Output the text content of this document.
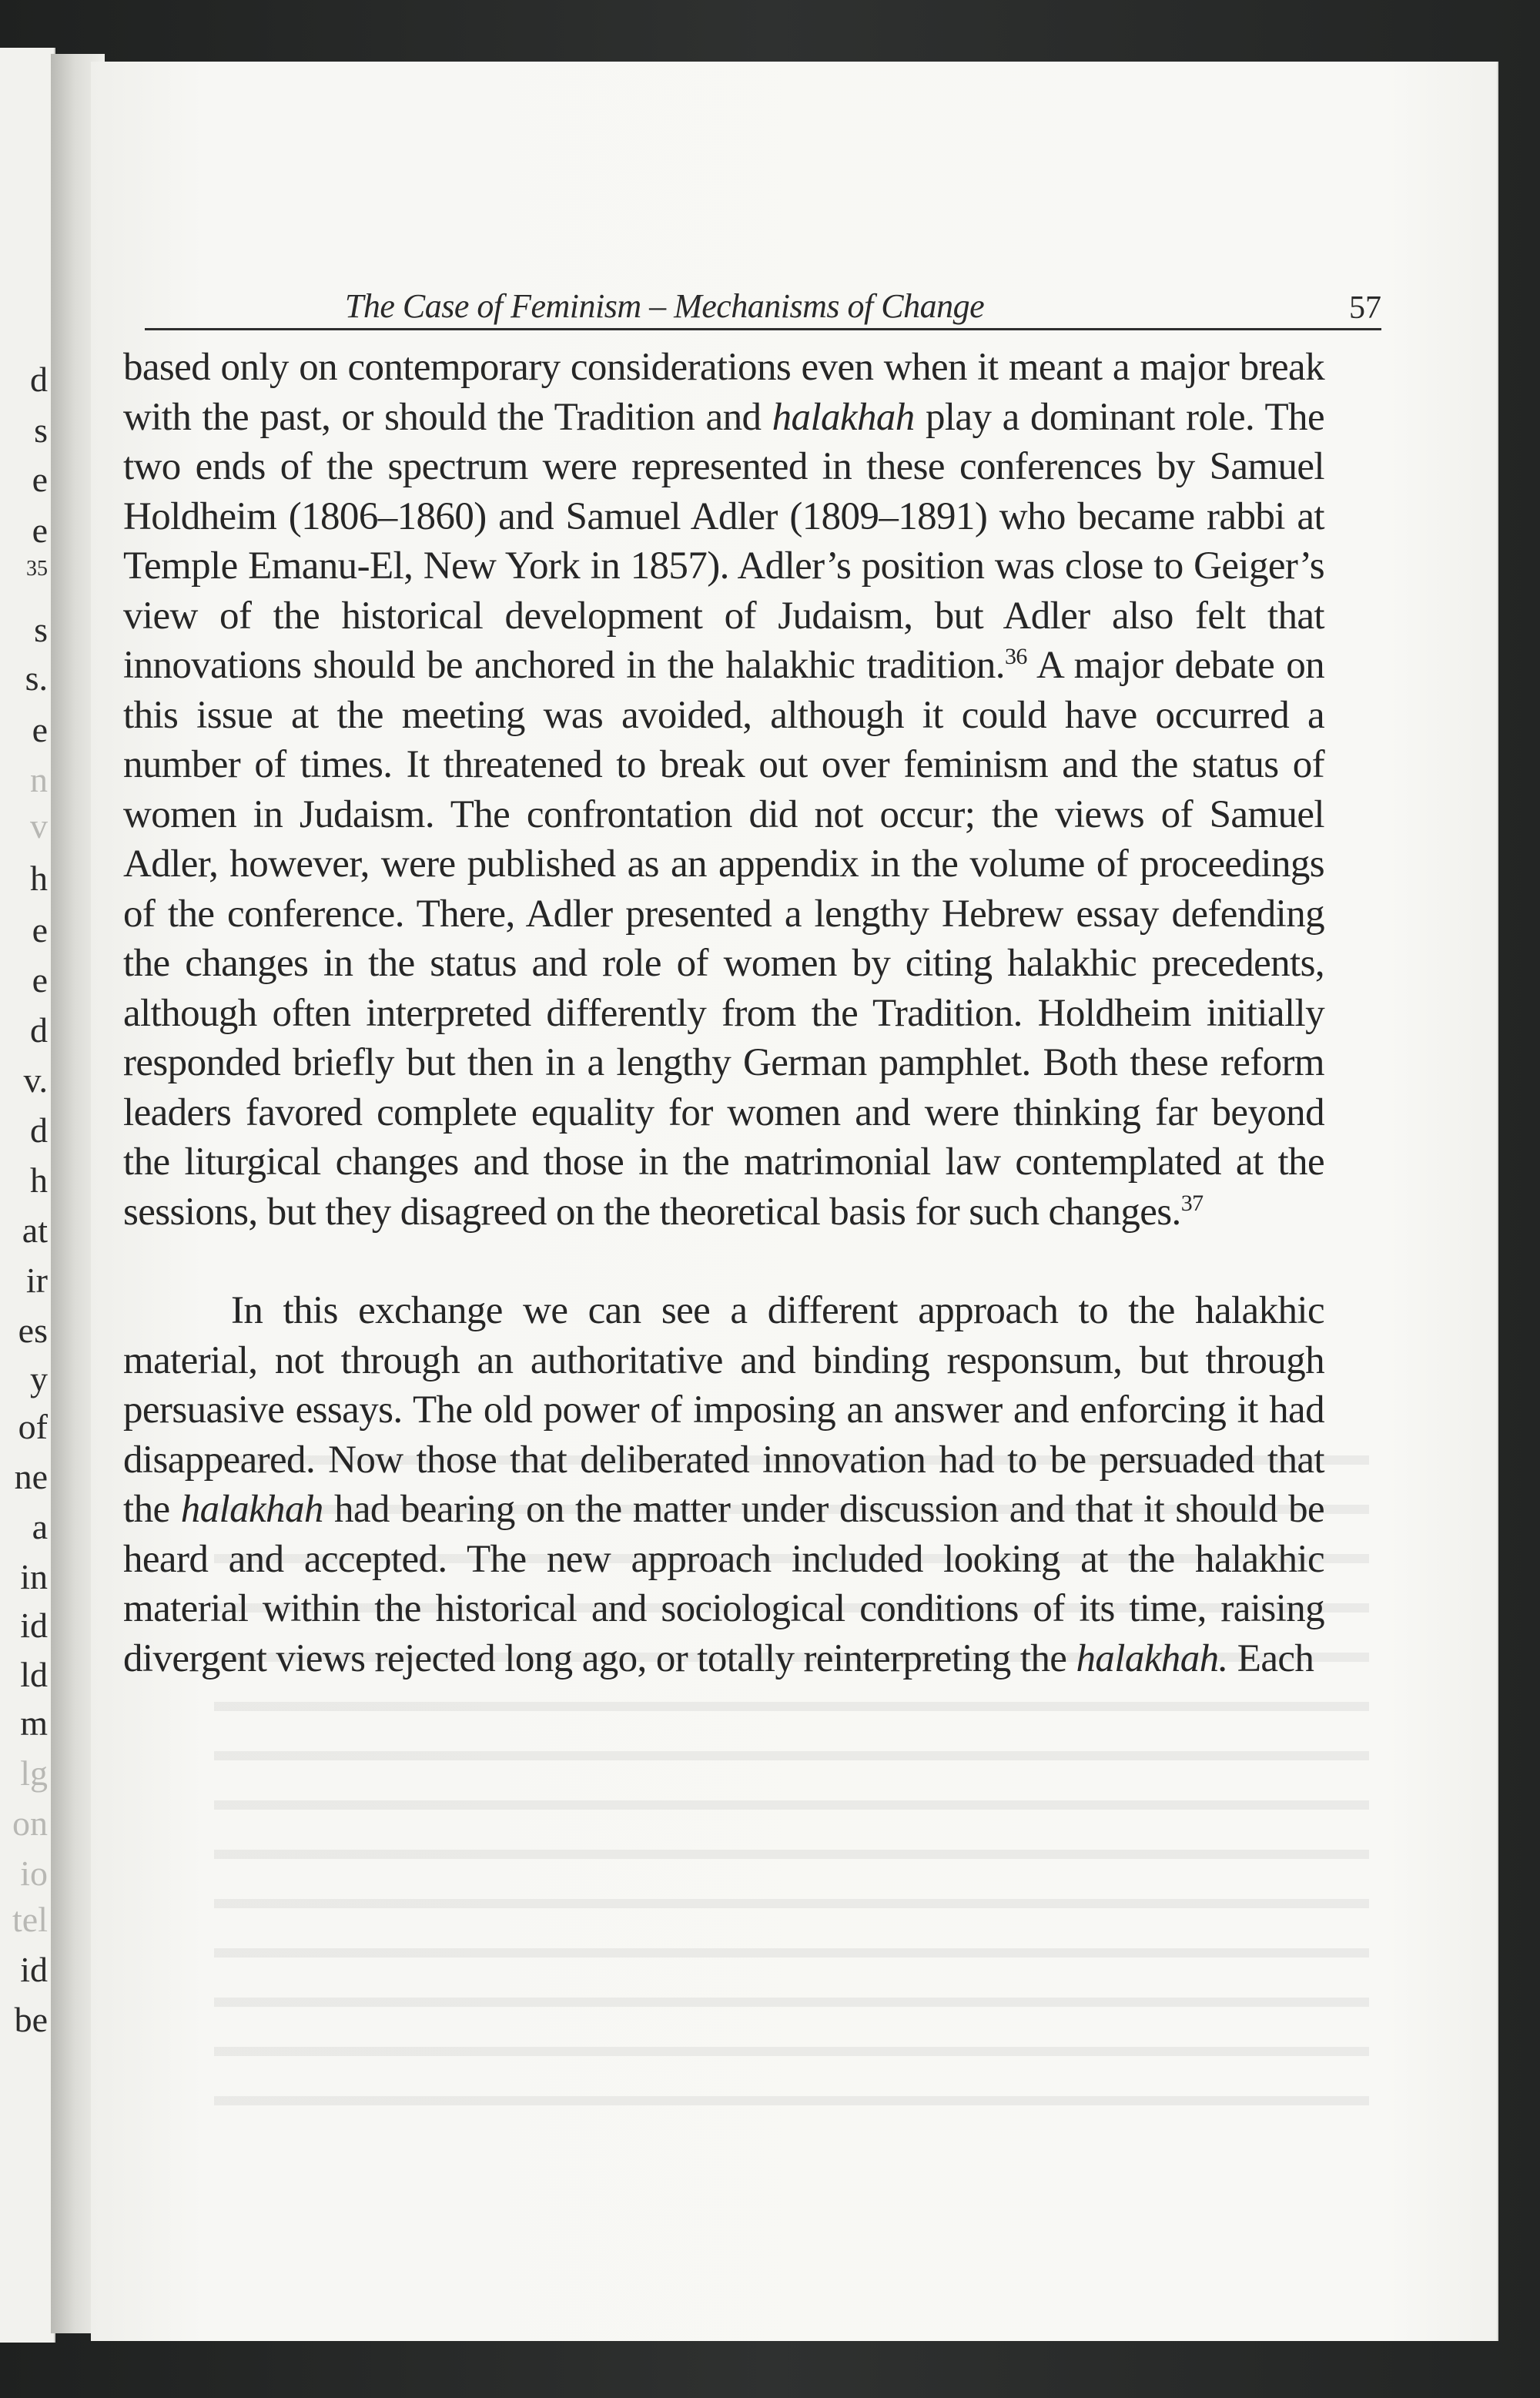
d
s
e
e
35
s
s.
e
n
v
h
e
e
d
v.
d
h
at
ir
es
y
of
ne
a
in
id
ld
m
lg
on
io
tel
id
be
The Case of Feminism – Mechanisms of Change	57

based only on contemporary considerations even when it meant a major break with the past, or should the Tradition and halakhah play a dominant role. The two ends of the spectrum were represented in these conferences by Samuel Holdheim (1806–1860) and Samuel Adler (1809–1891) who became rabbi at Temple Emanu-El, New York in 1857). Adler’s position was close to Geiger’s view of the historical development of Judaism, but Adler also felt that innovations should be anchored in the halakhic tradition.$^{36}$ A major debate on this issue at the meeting was avoided, although it could have occurred a number of times. It threatened to break out over feminism and the status of women in Judaism. The confrontation did not occur; the views of Samuel Adler, however, were published as an appendix in the volume of proceedings of the conference. There, Adler presented a lengthy Hebrew essay defending the changes in the status and role of women by citing halakhic precedents, although often interpreted differently from the Tradition. Holdheim initially responded briefly but then in a lengthy German pamphlet. Both these reform leaders favored complete equality for women and were thinking far beyond the liturgical changes and those in the matrimonial law contemplated at the sessions, but they disagreed on the theoretical basis for such changes.$^{37}$

In this exchange we can see a different approach to the halakhic material, not through an authoritative and binding responsum, but through persuasive essays. The old power of imposing an answer and enforcing it had disappeared. Now those that deliberated innovation had to be persuaded that the halakhah had bearing on the matter under discussion and that it should be heard and accepted. The new approach included looking at the halakhic material within the historical and sociological conditions of its time, raising divergent views rejected long ago, or totally reinterpreting the halakhah. Each
